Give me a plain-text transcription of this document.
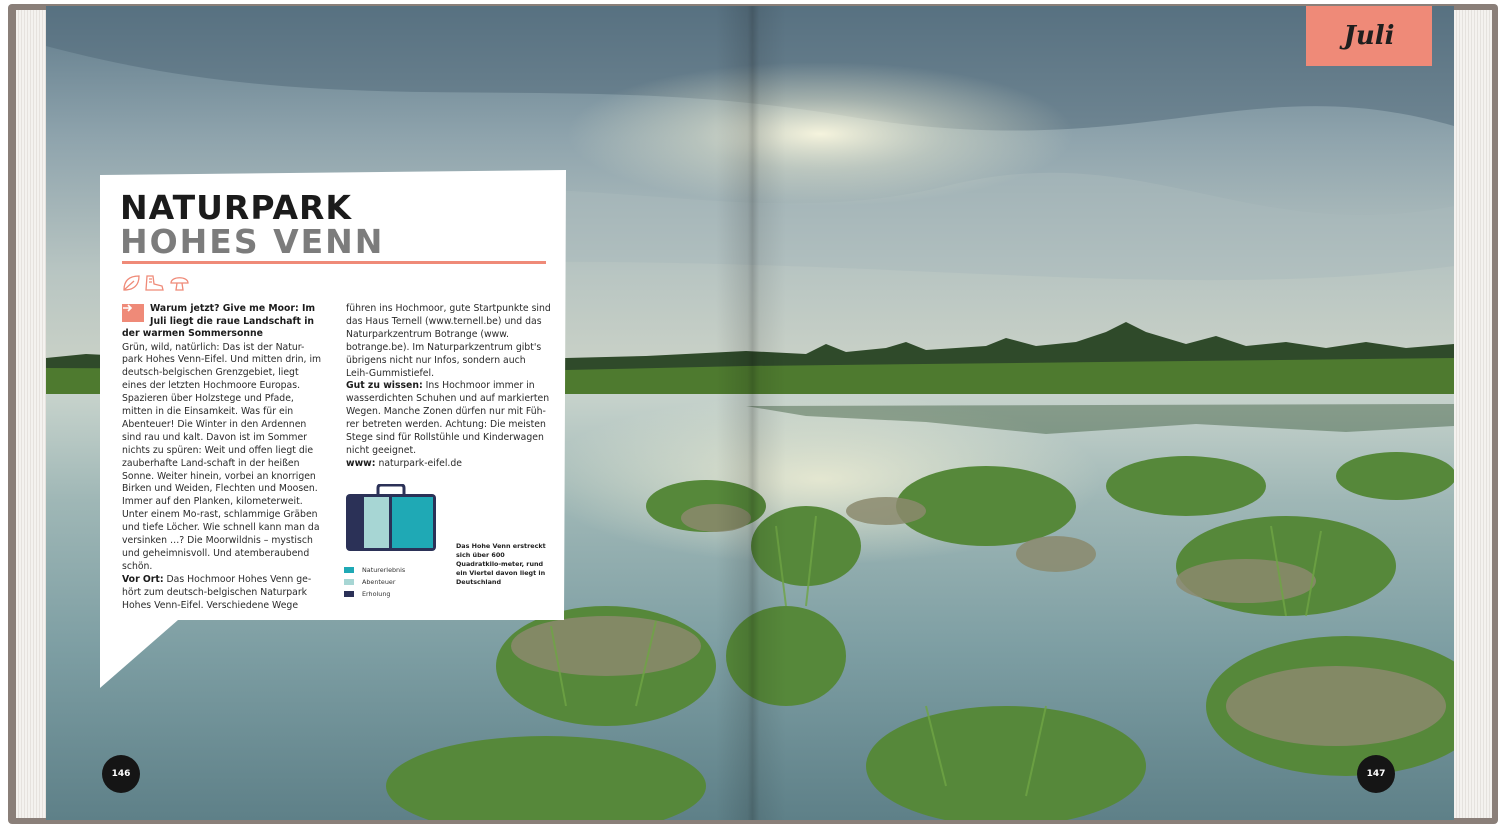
Juli
NATURPARK
HOHES VENN

Warum jetzt? Give me Moor: Im Juli liegt die raue Landschaft in der warmen Sommersonne

Grün, wild, natürlich: Das ist der Natur-park Hohes Venn-Eifel. Und mitten drin, im deutsch-belgischen Grenzgebiet, liegt eines der letzten Hochmoore Europas. Spazieren über Holzstege und Pfade, mitten in die Einsamkeit. Was für ein Abenteuer! Die Winter in den Ardennen sind rau und kalt. Davon ist im Sommer nichts zu spüren: Weit und offen liegt die zauberhafte Land-schaft in der heißen Sonne. Weiter hinein, vorbei an knorrigen Birken und Weiden, Flechten und Moosen. Immer auf den Planken, kilometerweit. Unter einem Mo-rast, schlammige Gräben und tiefe Löcher. Wie schnell kann man da versinken …? Die Moorwildnis – mystisch und geheimnisvoll. Und atemberaubend schön.

Vor Ort: Das Hochmoor Hohes Venn ge-hört zum deutsch-belgischen Naturpark Hohes Venn-Eifel. Verschiedene Wege

führen ins Hochmoor, gute Startpunkte sind das Haus Ternell (www.ternell.be) und das Naturparkzentrum Botrange (www. botrange.be). Im Naturparkzentrum gibt's übrigens nicht nur Infos, sondern auch Leih-Gummistiefel.

Gut zu wissen: Ins Hochmoor immer in wasserdichten Schuhen und auf markierten Wegen. Manche Zonen dürfen nur mit Füh-rer betreten werden. Achtung: Die meisten Stege sind für Rollstühle und Kinderwagen nicht geeignet.

www: naturpark-eifel.de

Naturerlebnis
Abenteuer
Erholung

Das Hohe Venn erstreckt sich über 600 Quadratkilo-meter, rund ein Viertel davon liegt in Deutschland

146	147
